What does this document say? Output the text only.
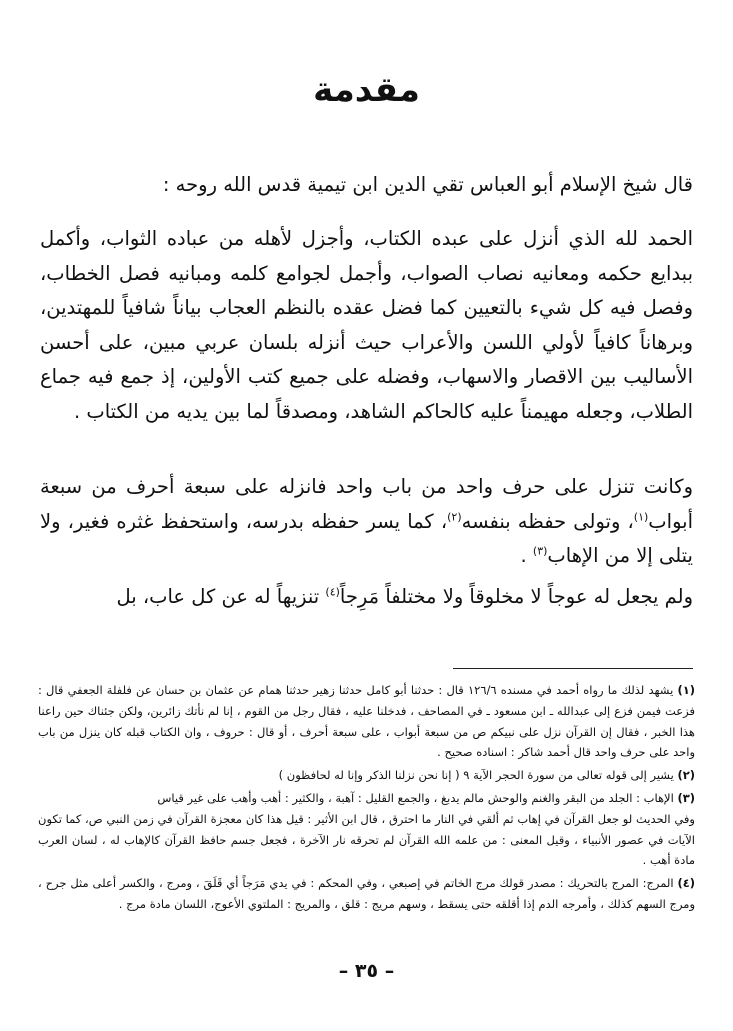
مقدمة
قال شيخ الإسلام أبو العباس تقي الدين ابن تيمية قدس الله روحه :
الحمد لله الذي أنزل على عبده الكتاب، وأجزل لأهله من عباده الثواب، وأكمل ببدايع حكمه ومعانيه نصاب الصواب، وأجمل لجوامع كلمه ومبانيه فصل الخطاب، وفصل فيه كل شيء بالتعيين كما فضل عقده بالنظم العجاب بياناً شافياً للمهتدين، وبرهاناً كافياً لأولي اللسن والأعراب حيث أنزله بلسان عربي مبين، على أحسن الأساليب بين الاقصار والاسهاب، وفضله على جميع كتب الأولين، إذ جمع فيه جماع الطلاب، وجعله مهيمناً عليه كالحاكم الشاهد، ومصدقاً لما بين يديه من الكتاب .
وكانت تنزل على حرف واحد من باب واحد فانزله على سبعة أحرف من سبعة أبواب$^{(١)}$، وتولى حفظه بنفسه$^{(٢)}$، كما يسر حفظه بدرسه، واستحفظ غثره فغير، ولا يتلى إلا من الإهاب$^{(٣)}$ .
ولم يجعل له عوجاً لا مخلوقاً ولا مختلفاً مَرِجاً$^{(٤)}$ تنزيهاً له عن كل عاب، بل

(١) يشهد لذلك ما رواه أحمد في مسنده ١٢٦/٦ قال : حدثنا أبو كامل حدثنا زهير حدثنا همام عن عثمان بن حسان عن فلفلة الجعفي قال : فزعت فيمن فزع إلى عبدالله ـ ابن مسعود ـ في المصاحف ، فدخلنا عليه ، فقال رجل من القوم ، إنا لم نأتك زائرين، ولكن جئناك حين راعنا هذا الخبر ، فقال إن القرآن نزل على نبيكم ص من سبعة أبواب ، على سبعة أحرف ، أو قال : حروف ، وان الكتاب قبله كان ينزل من باب واحد على حرف واحد قال أحمد شاكر : اسناده صحيح .

(٢) يشير إلى قوله تعالى من سورة الحجر الآية ٩ ( إنا نحن نزلنا الذكر وإنا له لحافظون )

(٣) الإهاب : الجلد من البقر والغنم والوحش مالم يدبغ ، والجمع القليل : آهبة ، والكثير : أهب وأهب على غير قياس

وفي الحديث لو جعل القرآن في إهاب ثم ألقي في النار ما احترق ، قال ابن الأثير : قيل هذا كان معجزة القرآن في زمن النبي ص، كما تكون الآيات في عصور الأنبياء ، وقيل المعنى : من علمه الله القرآن لم تحرقه نار الآخرة ، فجعل جسم حافظ القرآن كالإهاب له ، لسان العرب مادة أهب .

(٤) المرج: المرج بالتحريك : مصدر قولك مرج الخاتم في إصبعي ، وفي المحكم : في يدي مَرَجاً أي قَلَقَ ، ومرج ، والكسر أعلى مثل جرح ، ومرج السهم كذلك ، وأمرجه الدم إذا أقلقه حتى يسقط ، وسهم مريج : قلق ، والمريج : الملتوي الأعوج، اللسان مادة مرج .

– ٣٥ –
